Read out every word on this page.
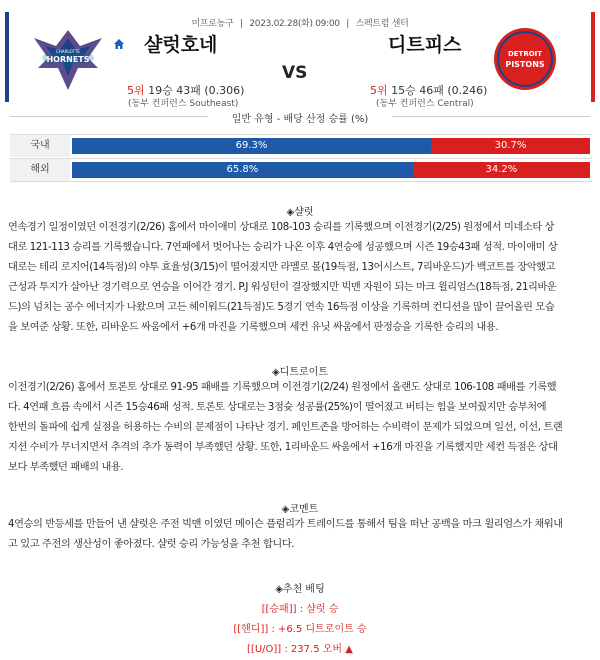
미프로농구 | 2023.02.28(화) 09:00 | 스펙트럼 센터
CHARLOTTE
HORNETS
샬럿호네
5위 19승 43패 (0.306)
(동부 컨퍼런스 Southeast)
VS
디트피스
5위 15승 46패 (0.246)
(동부 컨퍼런스 Central)
DETROIT
PISTONS
일반 유형 - 배당 산정 승률 (%)
국내	69.3%	30.7%
해외	65.8%	34.2%
◈샬럿
연속경기 일정이였던 이전경기(2/26) 홈에서 마이애미 상대로 108-103 승리를 기록했으며 이전경기(2/25) 원정에서 미네소타 상
대로 121-113 승리를 기록했습니다. 7연패에서 벗어나는 승리가 나온 이후 4연승에 성공했으며 시즌 19승43패 성적. 마이애미 상
대로는 테리 로지어(14득점)의 야투 효율성(3/15)이 떨어졌지만 라멜로 볼(19득점, 13어시스트, 7리바운드)가 백코트를 장악했고
근성과 투지가 살아난 경기력으로 연승을 이어간 경기. P.J 워싱턴이 결장했지만 빅맨 자원이 되는 마크 윌리엄스(18득점, 21리바운
드)의 넘치는 공수 에너지가 나왔으며 고든 헤이워드(21득점)도 5경기 연속 16득점 이상을 기록하며 컨디션을 많이 끌어올린 모습
을 보여준 상황. 또한, 리바운드 싸움에서 +6개 마진을 기록했으며 세컨 유닛 싸움에서 판정승을 기록한 승리의 내용.
◈디트로이트
이전경기(2/26) 홈에서 토론토 상대로 91-95 패배를 기록했으며 이전경기(2/24) 원정에서 올랜도 상대로 106-108 패배를 기록했
다. 4연패 흐름 속에서 시즌 15승46패 성적. 토론토 상대로는 3점슛 성공률(25%)이 떨어졌고 버티는 힘을 보여줬지만 승부처에
한번의 돌파에 쉽게 실점을 허용하는 수비의 문제점이 나타난 경기. 페인트존을 방어하는 수비력이 문제가 되었으며 일선, 이선, 트랜
지션 수비가 무너지면서 추격의 추가 동력이 부족했던 상황. 또한, 1리바운드 싸움에서 +16개 마진을 기록했지만 세컨 득점은 상대
보다 부족했던 패배의 내용.
◈코멘트
4연승의 반등세를 만들어 낸 샬럿은 주전 빅맨 이였던 메이슨 플럼리가 트레이드를 통해서 팀을 떠난 공백을 마크 윌리엄스가 채워내
고 있고 주전의 생산성이 좋아졌다. 샬럿 승리 가능성을 추천 합니다.
◈추천 베팅
[[승패]] : 샬럿 승
[[핸디]] : +6.5 디트로이트 승
[[U/O]] : 237.5 오버 ▲
